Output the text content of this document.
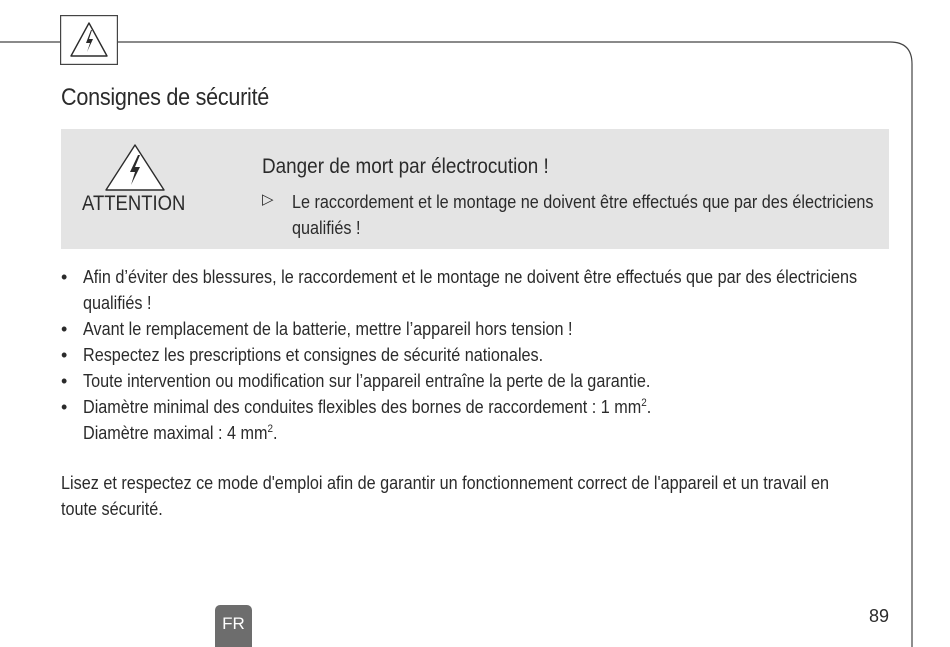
Consignes de sécurité
ATTENTION
Danger de mort par électrocution !
▷ Le raccordement et le montage ne doivent être effectués que par des électriciens qualifiés !
• Afin d’éviter des blessures, le raccordement et le montage ne doivent être effectués que par des électriciens qualifiés !
• Avant le remplacement de la batterie, mettre l’appareil hors tension !
• Respectez les prescriptions et consignes de sécurité nationales.
• Toute intervention ou modification sur l’appareil entraîne la perte de la garantie.
• Diamètre minimal des conduites flexibles des bornes de raccordement : 1 $mm^2$.
Diamètre maximal : 4 $mm^2$.
Lisez et respectez ce mode d'emploi afin de garantir un fonctionnement correct de l'appareil et un travail en toute sécurité.
FR	89
